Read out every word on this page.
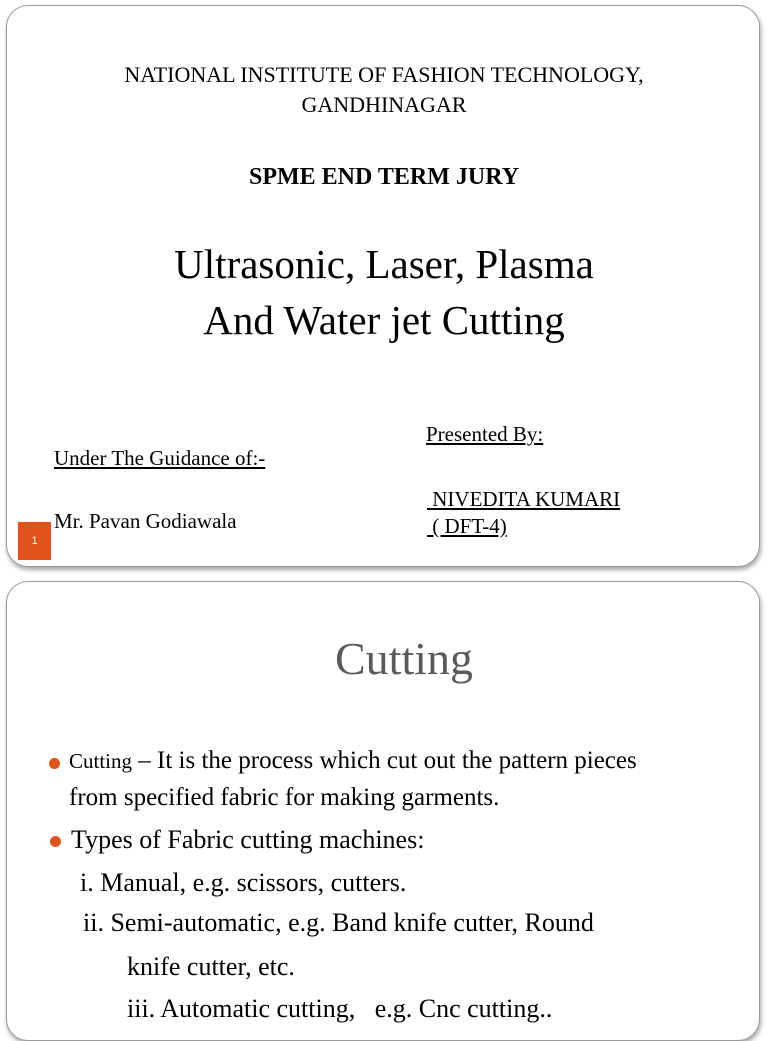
NATIONAL INSTITUTE OF FASHION TECHNOLOGY,
GANDHINAGAR
SPME END TERM JURY
Ultrasonic, Laser, Plasma
And Water jet Cutting
Under The Guidance of:-
Mr. Pavan Godiawala
Presented By:
NIVEDITA KUMARI
( DFT-4)
1
Cutting
Cutting – It is the process which cut out the pattern pieces
from specified fabric for making garments.
Types of Fabric cutting machines:
i. Manual, e.g. scissors, cutters.
ii. Semi-automatic, e.g. Band knife cutter, Round
knife cutter, etc.
iii. Automatic cutting,   e.g. Cnc cutting..
